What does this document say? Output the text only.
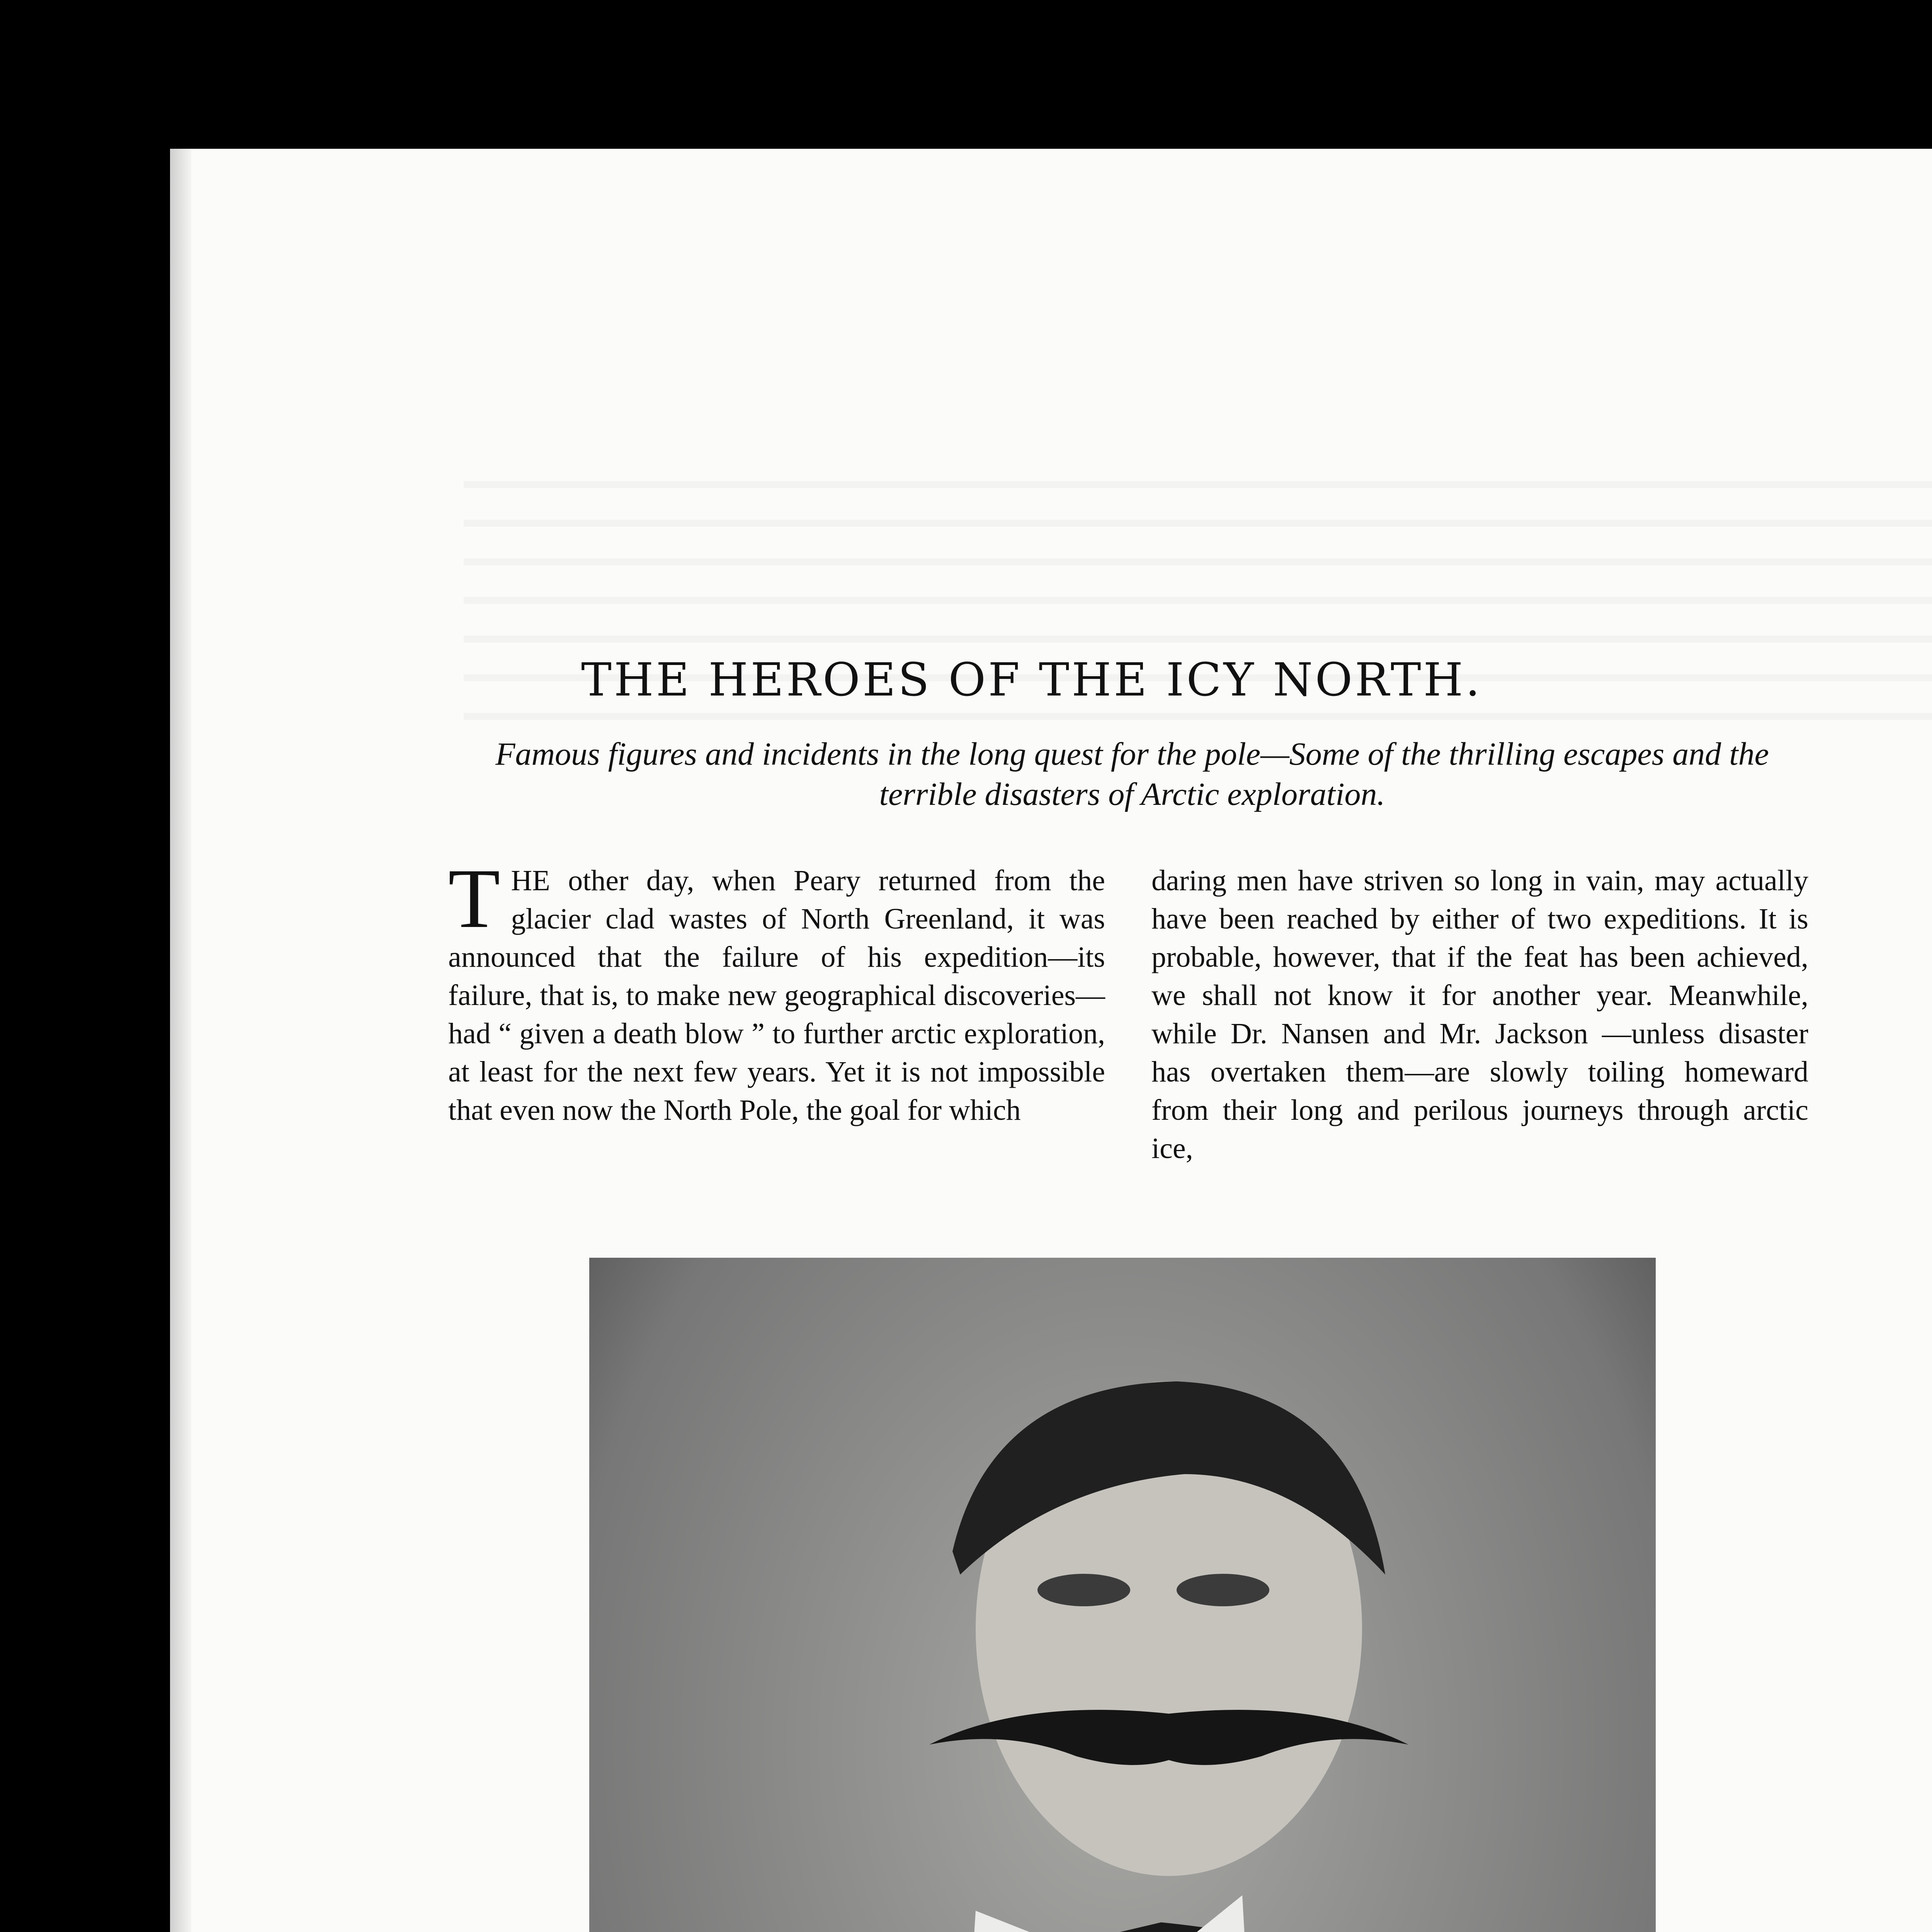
THE HEROES OF THE ICY NORTH.
Famous figures and incidents in the long quest for the pole—Some of the thrilling escapes and the terrible disasters of Arctic exploration.
T HE other day, when Peary returned from the glacier clad wastes of North Greenland, it was announced that the failure of his expedition—its failure, that is, to make new geographical discoveries—had “ given a death blow ” to further arctic exploration, at least for the next few years. Yet it is not impossible that even now the North Pole, the goal for which
daring men have striven so long in vain, may actually have been reached by either of two expeditions. It is probable, however, that if the feat has been achieved, we shall not know it for another year. Meanwhile, while Dr. Nansen and Mr. Jackson —unless disaster has overtaken them—are slowly toiling homeward from their long and perilous journeys through arctic ice,
